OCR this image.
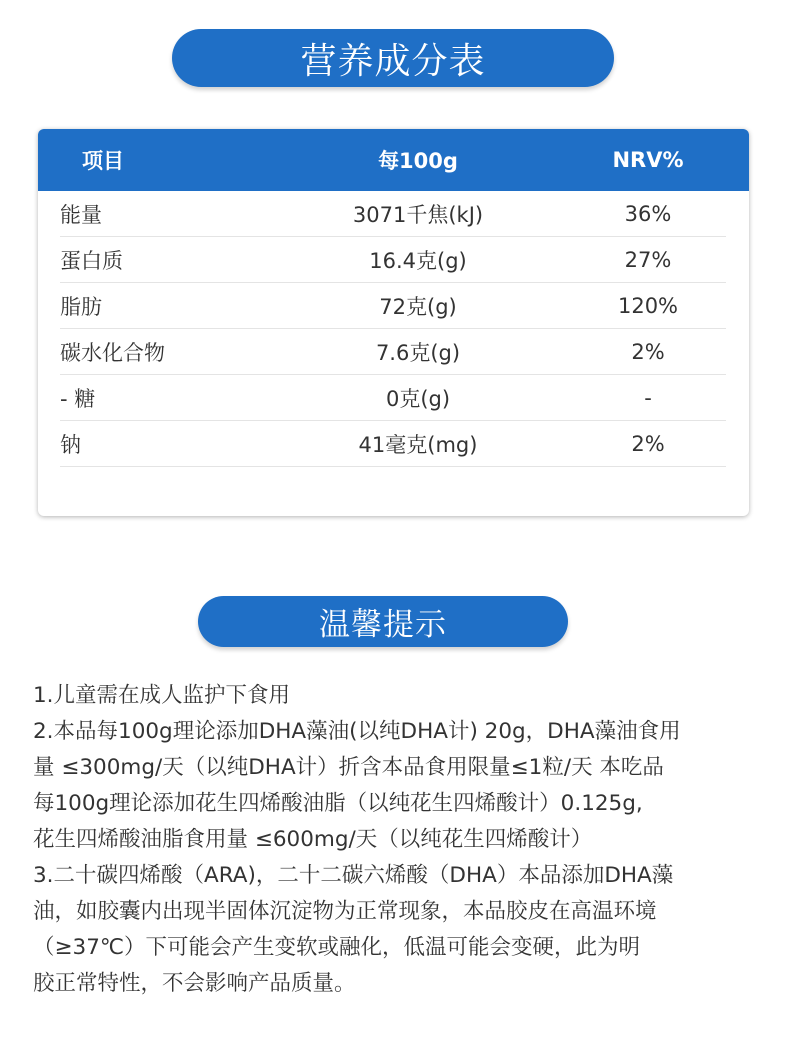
营养成分表
项目	每100g	NRV%
能量	3071千焦(kJ)	36%
蛋白质	16.4克(g)	27%
脂肪	72克(g)	120%
碳水化合物	7.6克(g)	2%
- 糖	0克(g)	-
钠	41毫克(mg)	2%
温馨提示

1.儿童需在成人监护下食用

2.本品每100g理论添加DHA藻油(以纯DHA计) 20g，DHA藻油食用

量 ≤300mg/天（以纯DHA计）折含本品食用限量≤1粒/天 本吃品

每100g理论添加花生四烯酸油脂（以纯花生四烯酸计）0.125g,

花生四烯酸油脂食用量 ≤600mg/天（以纯花生四烯酸计）

3.二十碳四烯酸（ARA)，二十二碳六烯酸（DHA）本品添加DHA藻

油，如胶囊内出现半固体沉淀物为正常现象，本品胶皮在高温环境

（≥37℃）下可能会产生变软或融化，低温可能会变硬，此为明

胶正常特性，不会影响产品质量。
